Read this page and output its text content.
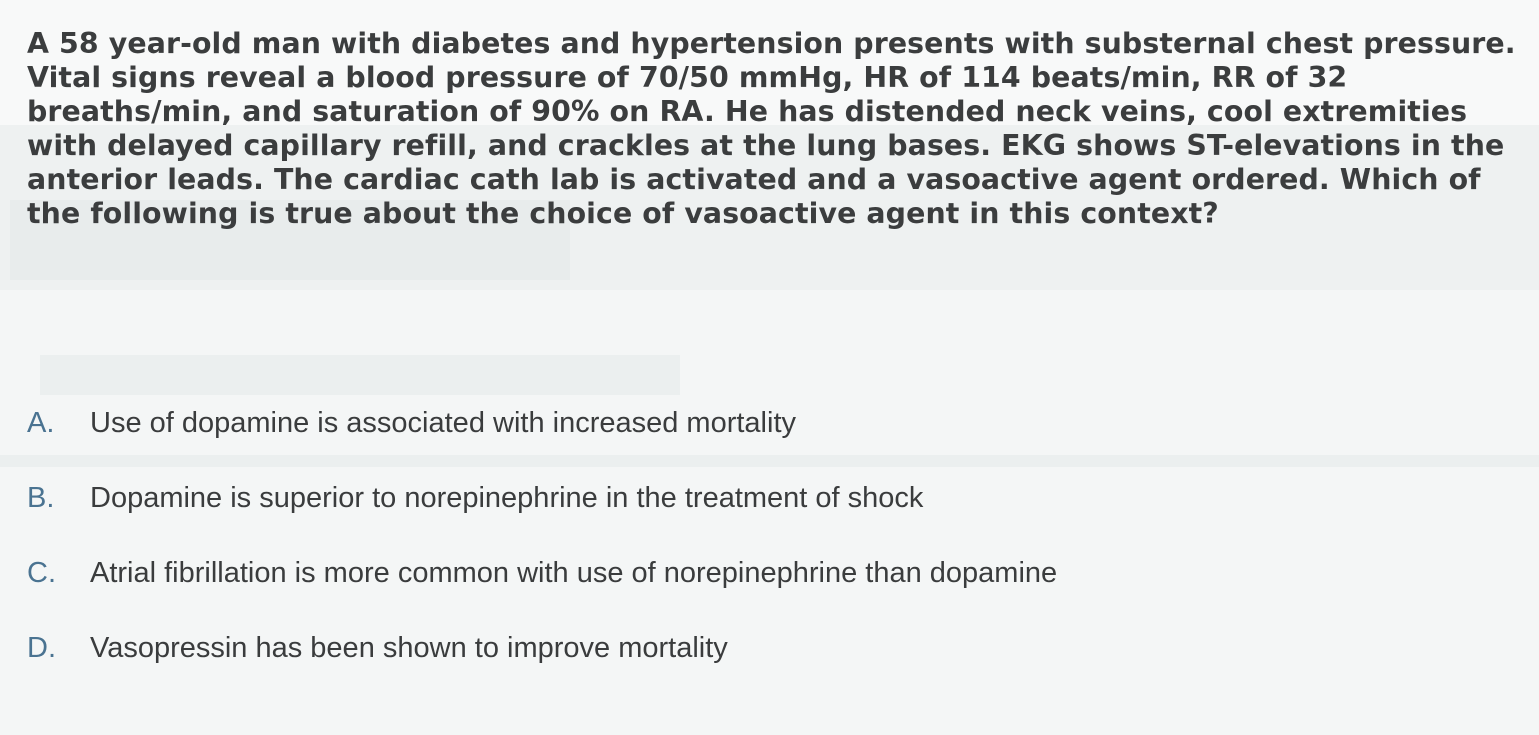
A 58 year-old man with diabetes and hypertension presents with substernal chest pressure. Vital signs reveal a blood pressure of 70/50 mmHg, HR of 114 beats/min, RR of 32 breaths/min, and saturation of 90% on RA. He has distended neck veins, cool extremities with delayed capillary refill, and crackles at the lung bases. EKG shows ST-elevations in the anterior leads. The cardiac cath lab is activated and a vasoactive agent ordered. Which of the following is true about the choice of vasoactive agent in this context?

A.	Use of dopamine is associated with increased mortality
B.	Dopamine is superior to norepinephrine in the treatment of shock
C.	Atrial fibrillation is more common with use of norepinephrine than dopamine
D.	Vasopressin has been shown to improve mortality
